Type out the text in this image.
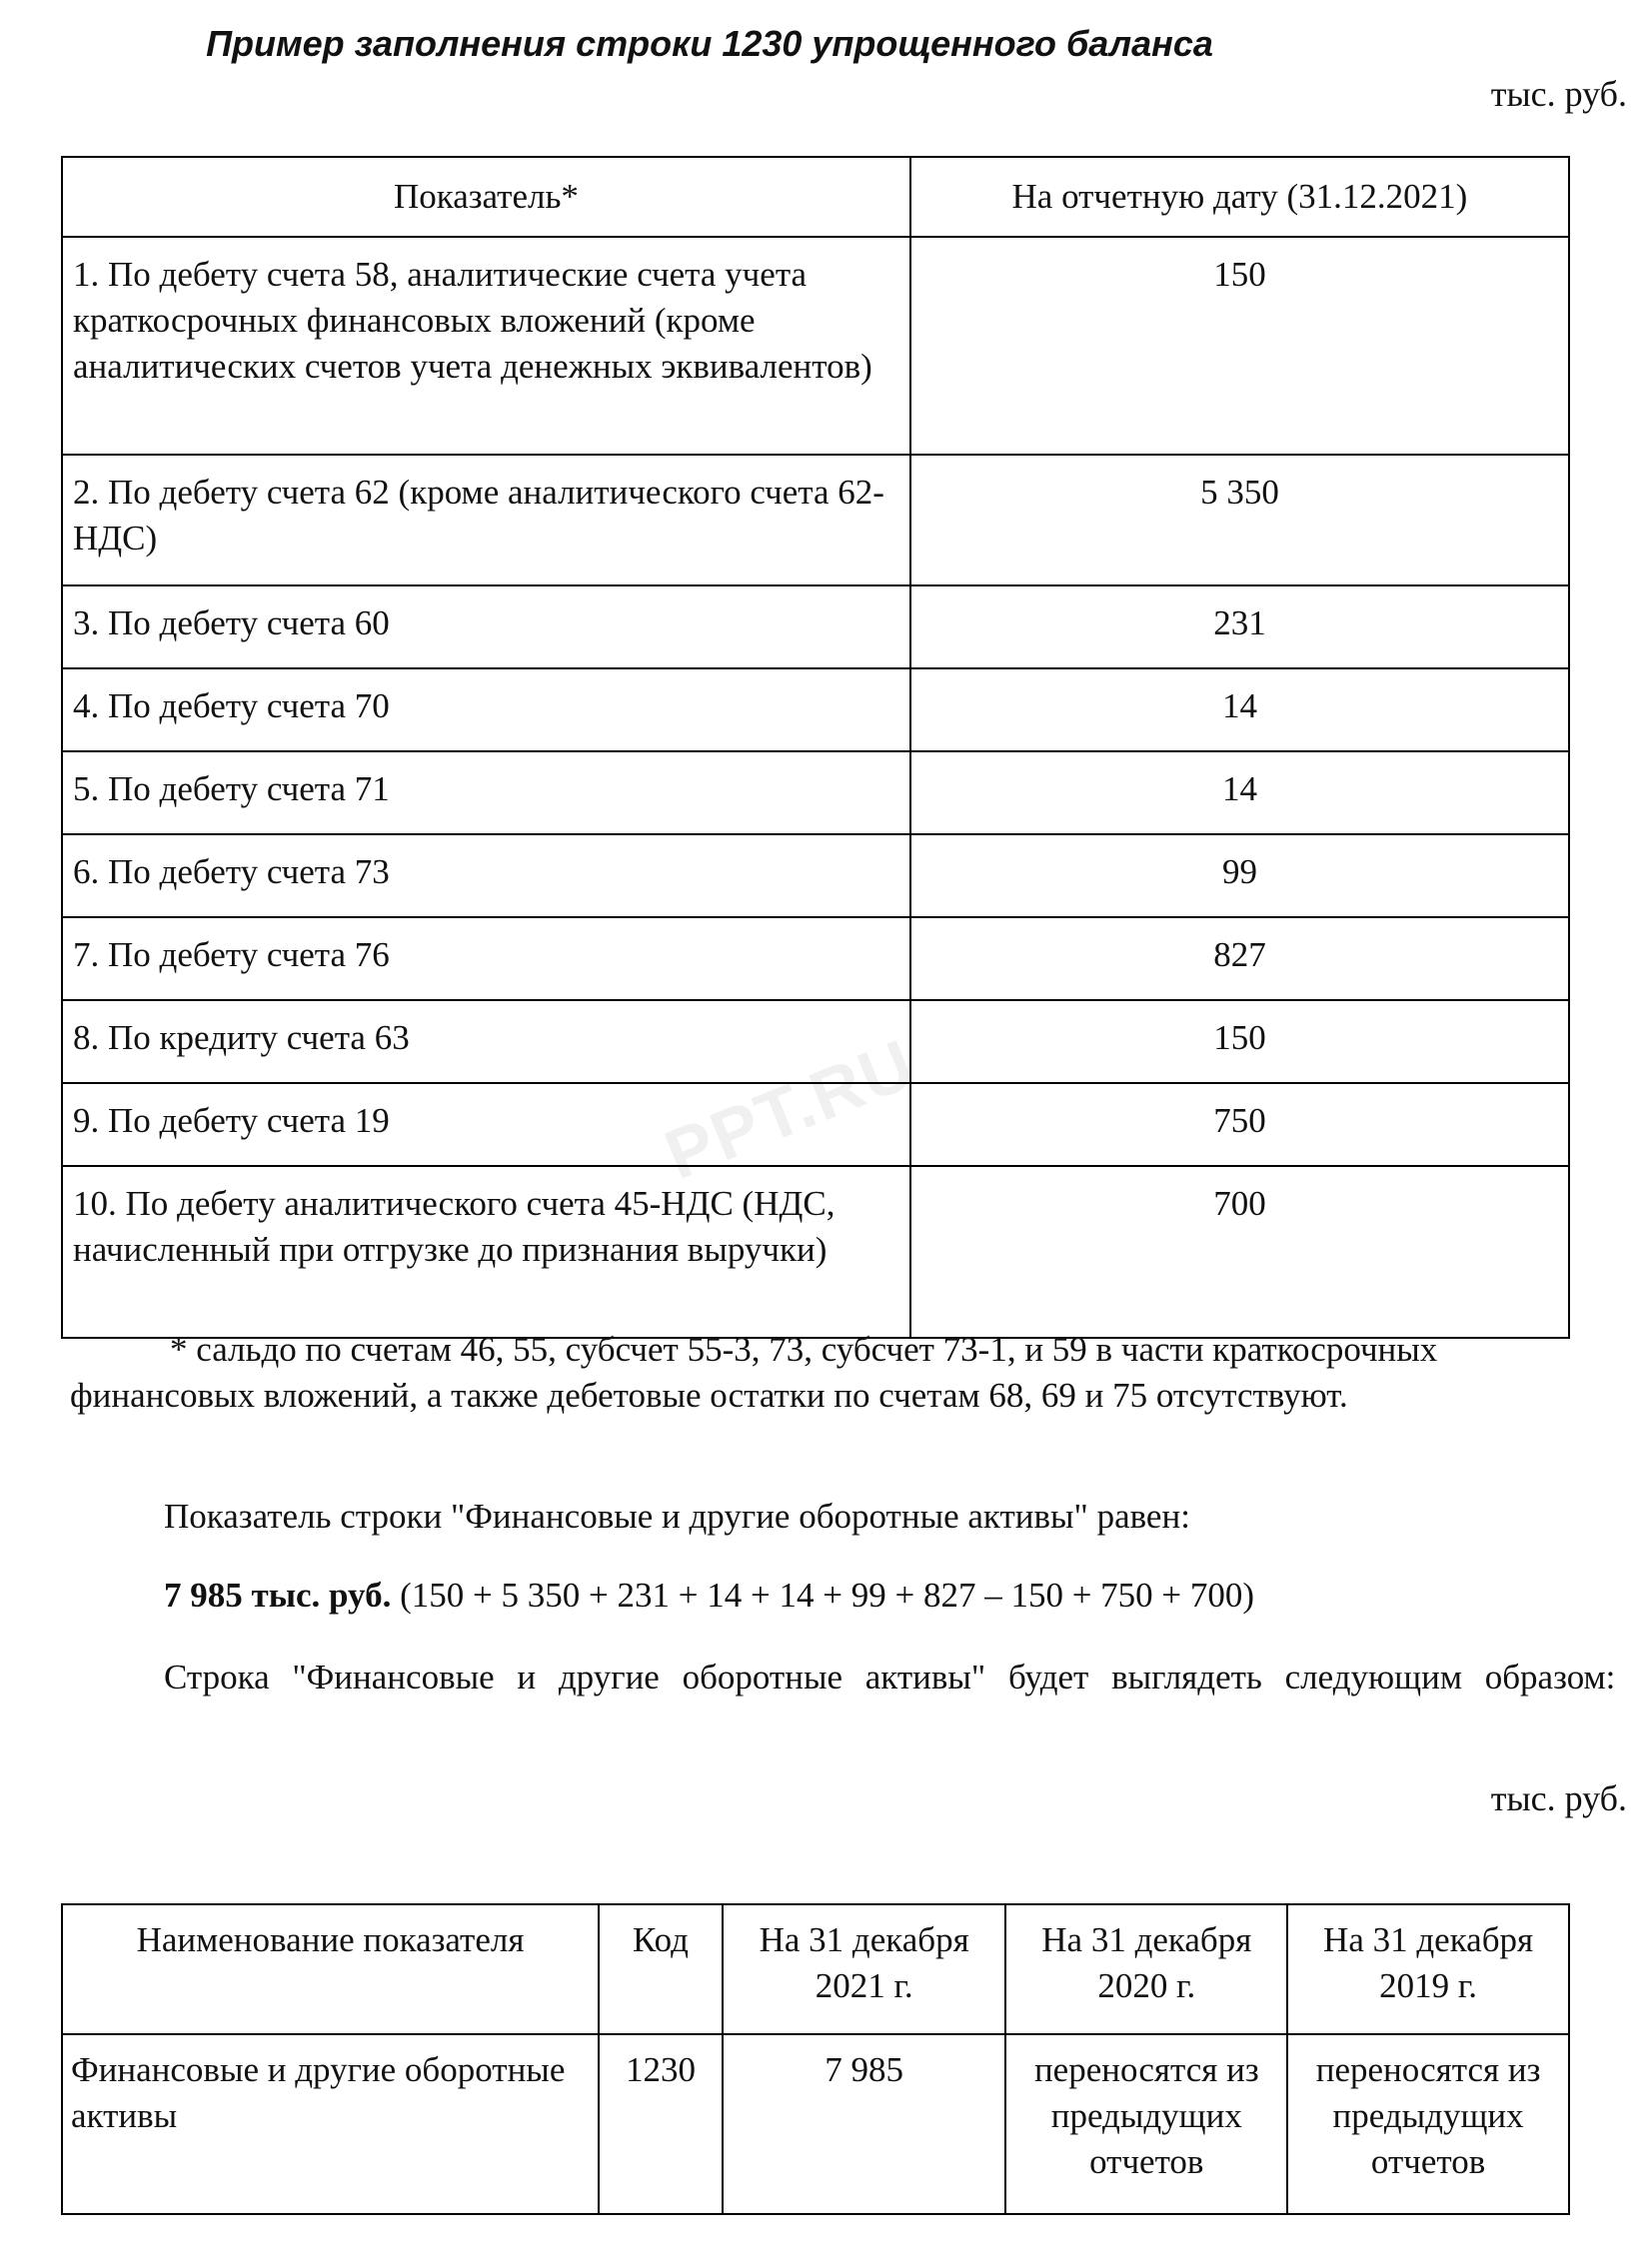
Пример заполнения строки 1230 упрощенного баланса
тыс. руб.
Показатель*	На отчетную дату (31.12.2021)
1. По дебету счета 58, аналитические счета учета краткосрочных финансовых вложений (кроме аналитических счетов учета денежных эквивалентов)	150
2. По дебету счета 62 (кроме аналитического счета 62-НДС)	5 350
3. По дебету счета 60	231
4. По дебету счета 70	14
5. По дебету счета 71	14
6. По дебету счета 73	99
7. По дебету счета 76	827
8. По кредиту счета 63	150
9. По дебету счета 19	750
10. По дебету аналитического счета 45-НДС (НДС, начисленный при отгрузке до признания выручки)	700
* сальдо по счетам 46, 55, субсчет 55-3, 73, субсчет 73-1, и 59 в части краткосрочных финансовых вложений, а также дебетовые остатки по счетам 68, 69 и 75 отсутствуют.
Показатель строки "Финансовые и другие оборотные активы" равен:
7 985 тыс. руб. (150 + 5 350 + 231 + 14 + 14 + 99 + 827 – 150 + 750 + 700)
Строка "Финансовые и другие оборотные активы" будет выглядеть следующим образом:
тыс. руб.
Наименование показателя	Код	На 31 декабря 2021 г.	На 31 декабря 2020 г.	На 31 декабря 2019 г.
Финансовые и другие оборотные активы	1230	7 985	переносятся из предыдущих отчетов	переносятся из предыдущих отчетов
PPT.RU
